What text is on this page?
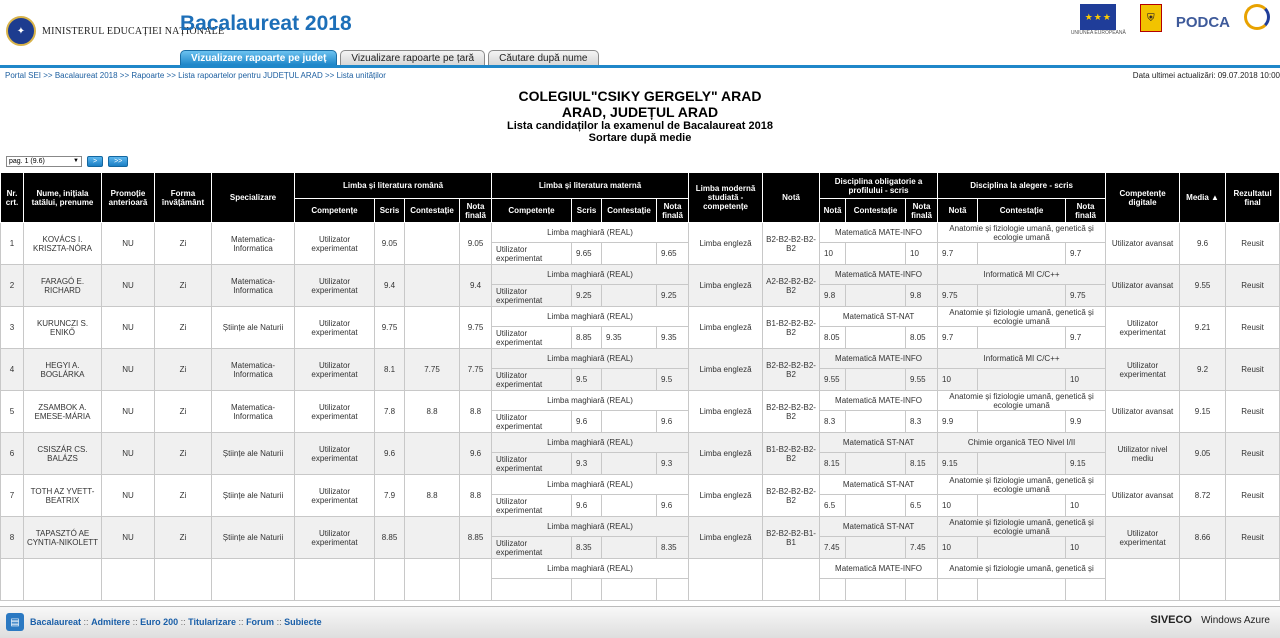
✦	MINISTERUL EDUCAȚIEI NAȚIONALE
Bacalaureat 2018
Vizualizare rapoarte pe județ	Vizualizare rapoarte pe țară	Căutare după nume
★★★
UNIUNEA EUROPEANĂ
⛨	PODCA
Portal SEI >> Bacalaureat 2018 >> Rapoarte >> Lista rapoartelor pentru JUDEȚUL ARAD >> Lista unităților	Data ultimei actualizări: 09.07.2018 10:00
COLEGIUL"CSIKY GERGELY" ARAD
ARAD, JUDEȚUL ARAD
Lista candidaților la examenul de Bacalaureat 2018
Sortare după medie
pag. 1 (9.6)	▼	>	>>
Nr. crt.	Nume, inițiala tatălui, prenume	Promoție anterioară	Forma învățământ	Specializare	Limba și literatura română				Limba și literatura maternă				Limba modernă studiată - competențe	Notă	Disciplina obligatorie a profilului - scris			Disciplina la alegere - scris			Competențe digitale	Media ▲	Rezultatul final
					Competențe	Scris	Contestație	Nota finală	Competențe	Scris	Contestație	Nota finală			Notă	Contestație	Nota finală	Notă	Contestație	Nota finală			
1	KOVÁCS I. KRISZTA-NÓRA	NU	Zi	Matematica-Informatica	Utilizator experimentat	9.05		9.05	Limba maghiară (REAL)				Limba engleză	B2-B2-B2-B2-B2	Matematică MATE-INFO			Anatomie și fiziologie umană, genetică și ecologie umană			Utilizator avansat	9.6	Reusit
									Utilizator experimentat	9.65		9.65			10		10	9.7		9.7			
2	FARAGÓ E. RICHARD	NU	Zi	Matematica-Informatica	Utilizator experimentat	9.4		9.4	Limba maghiară (REAL)				Limba engleză	A2-B2-B2-B2-B2	Matematică MATE-INFO			Informatică MI C/C++			Utilizator avansat	9.55	Reusit
									Utilizator experimentat	9.25		9.25			9.8		9.8	9.75		9.75			
3	KURUNCZI S. ENIKŐ	NU	Zi	Științe ale Naturii	Utilizator experimentat	9.75		9.75	Limba maghiară (REAL)				Limba engleză	B1-B2-B2-B2-B2	Matematică ST-NAT			Anatomie și fiziologie umană, genetică și ecologie umană			Utilizator experimentat	9.21	Reusit
									Utilizator experimentat	8.85	9.35	9.35			8.05		8.05	9.7		9.7			
4	HEGYI A. BOGLÁRKA	NU	Zi	Matematica-Informatica	Utilizator experimentat	8.1	7.75	7.75	Limba maghiară (REAL)				Limba engleză	B2-B2-B2-B2-B2	Matematică MATE-INFO			Informatică MI C/C++			Utilizator experimentat	9.2	Reusit
									Utilizator experimentat	9.5		9.5			9.55		9.55	10		10			
5	ZSAMBOK A. EMESE-MÁRIA	NU	Zi	Matematica-Informatica	Utilizator experimentat	7.8	8.8	8.8	Limba maghiară (REAL)				Limba engleză	B2-B2-B2-B2-B2	Matematică MATE-INFO			Anatomie și fiziologie umană, genetică și ecologie umană			Utilizator avansat	9.15	Reusit
									Utilizator experimentat	9.6		9.6			8.3		8.3	9.9		9.9			
6	CSISZÁR CS. BALÁZS	NU	Zi	Științe ale Naturii	Utilizator experimentat	9.6		9.6	Limba maghiară (REAL)				Limba engleză	B1-B2-B2-B2-B2	Matematică ST-NAT			Chimie organică TEO Nivel I/II			Utilizator nivel mediu	9.05	Reusit
									Utilizator experimentat	9.3		9.3			8.15		8.15	9.15		9.15			
7	TOTH AZ YVETT-BEATRIX	NU	Zi	Științe ale Naturii	Utilizator experimentat	7.9	8.8	8.8	Limba maghiară (REAL)				Limba engleză	B2-B2-B2-B2-B2	Matematică ST-NAT			Anatomie și fiziologie umană, genetică și ecologie umană			Utilizator avansat	8.72	Reusit
									Utilizator experimentat	9.6		9.6			6.5		6.5	10		10			
8	TAPASZTÓ AE CYNTIA-NIKOLETT	NU	Zi	Științe ale Naturii	Utilizator experimentat	8.85		8.85	Limba maghiară (REAL)				Limba engleză	B2-B2-B2-B1-B1	Matematică ST-NAT			Anatomie și fiziologie umană, genetică și ecologie umană			Utilizator experimentat	8.66	Reusit
									Utilizator experimentat	8.35		8.35			7.45		7.45	10		10			
									Limba maghiară (REAL)						Matematică MATE-INFO			Anatomie și fiziologie umană, genetică și					

▤	Bacalaureat :: Admitere :: Euro 200 :: Titularizare :: Forum :: Subiecte	SIVECO Windows Azure
